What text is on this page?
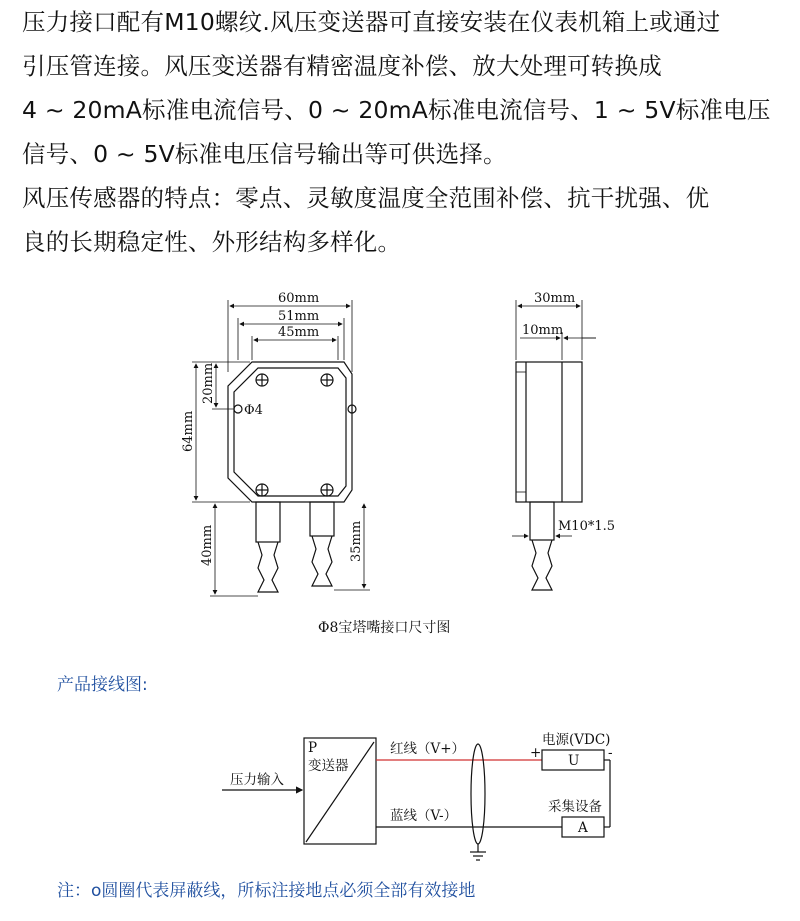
压力接口配有M10螺纹.风压变送器可直接安装在仪表机箱上或通过
引压管连接。风压变送器有精密温度补偿、放大处理可转换成
4 ~ 20mA标准电流信号、0 ~ 20mA标准电流信号、1 ~ 5V标准电压
信号、0 ~ 5V标准电压信号输出等可供选择。
风压传感器的特点：零点、灵敏度温度全范围补偿、抗干扰强、优
良的长期稳定性、外形结构多样化。
60mm
51mm
45mm
20mm
64mm
Φ4
40mm	35mm
30mm
10mm
M10*1.5
Φ8宝塔嘴接口尺寸图
产品接线图:
P
变送器
压力输入
红线（V+）
蓝线（V-）
电源(VDC)
U
+	-
采集设备
A
注：o圆圈代表屏蔽线，所标注接地点必须全部有效接地
